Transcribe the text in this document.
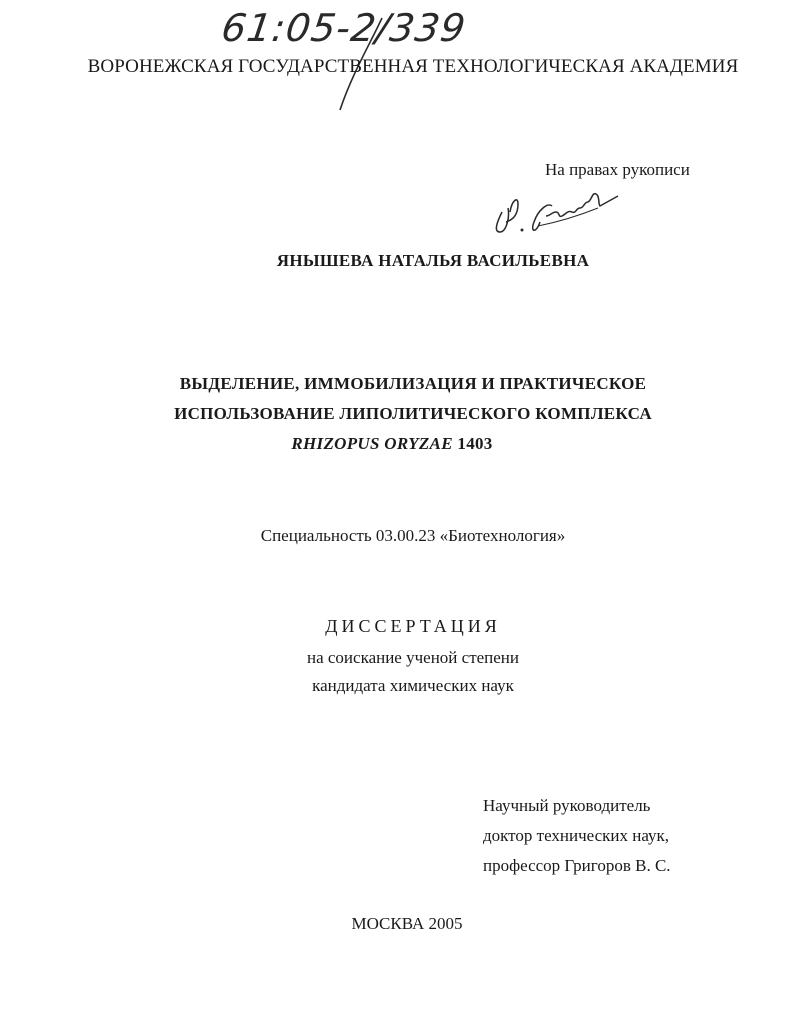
61:05-2/339
ВОРОНЕЖСКАЯ ГОСУДАРСТВЕННАЯ ТЕХНОЛОГИЧЕСКАЯ АКАДЕМИЯ
На правах рукописи
ЯНЫШЕВА НАТАЛЬЯ ВАСИЛЬЕВНА
ВЫДЕЛЕНИЕ, ИММОБИЛИЗАЦИЯ И ПРАКТИЧЕСКОЕ
ИСПОЛЬЗОВАНИЕ ЛИПОЛИТИЧЕСКОГО КОМПЛЕКСА
RHIZOPUS ORYZAE 1403
Специальность 03.00.23 «Биотехнология»
ДИССЕРТАЦИЯ
на соискание ученой степени
кандидата химических наук
Научный руководитель
доктор технических наук,
профессор Григоров В. С.
МОСКВА 2005
